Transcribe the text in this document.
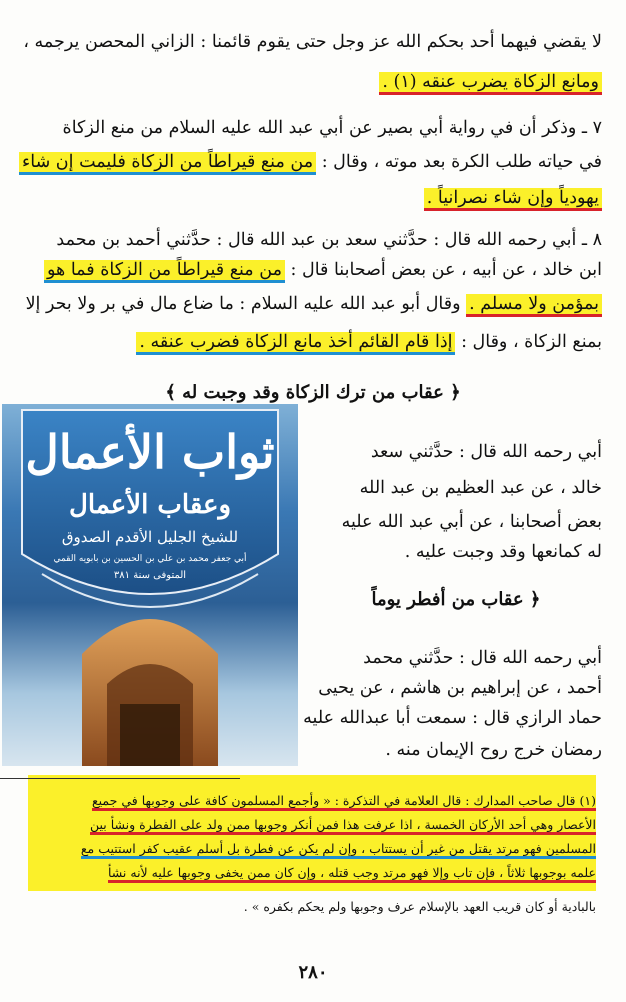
لا يقضي فيهما أحد بحكم الله عز وجل حتى يقوم قائمنا : الزاني المحصن يرجمه ،
ومانع الزكاة يضرب عنقه (١) .
٧ ـ وذكر أن في رواية أبي بصير عن أبي عبد الله عليه السلام من منع الزكاة
في حياته طلب الكرة بعد موته ، وقال : من منع قيراطاً من الزكاة فليمت إن شاء
يهودياً وإن شاء نصرانياً .
٨ ـ أبي رحمه الله قال : حدَّثني سعد بن عبد الله قال : حدَّثني أحمد بن محمد
ابن خالد ، عن أبيه ، عن بعض أصحابنا قال : من منع قيراطاً من الزكاة فما هو
بمؤمن ولا مسلم . وقال أبو عبد الله عليه السلام : ما ضاع مال في بر ولا بحر إلا
بمنع الزكاة ، وقال : إذا قام القائم أخذ مانع الزكاة فضرب عنقه .
﴿ عقاب من ترك الزكاة وقد وجبت له ﴾
ثواب الأعمال
وعقاب الأعمال
للشيخ الجليل الأقدم الصدوق
أبي جعفر محمد بن علي بن الحسين بن بابويه القمي
المتوفى سنة ٣٨١
أبي رحمه الله قال : حدَّثني سعد
خالد ، عن عبد العظيم بن عبد الله
بعض أصحابنا ، عن أبي عبد الله عليه
له كمانعها وقد وجبت عليه .
﴿ عقاب من أفطر يوماً
أبي رحمه الله قال : حدَّثني محمد
أحمد ، عن إبراهيم بن هاشم ، عن يحيى
حماد الرازي قال : سمعت أبا عبدالله عليه
رمضان خرج روح الإيمان منه .
(١) قال صاحب المدارك : قال العلامة في التذكرة : « وأجمع المسلمون كافة على وجوبها في جميع
الأعصار وهي أحد الأركان الخمسة ، اذا عرفت هذا فمن أنكر وجوبها ممن ولد على الفطرة ونشأ بين
المسلمين فهو مرتد يقتل من غير أن يستتاب ، وإن لم يكن عن فطرة بل أسلم عقيب كفر استتيب مع
علمه بوجوبها ثلاثاً ، فإن تاب وإلا فهو مرتد وجب قتله ، وإن كان ممن يخفى وجوبها عليه لأنه نشأ
بالبادية أو كان قريب العهد بالإسلام عرف وجوبها ولم يحكم بكفره » .
٢٨٠
